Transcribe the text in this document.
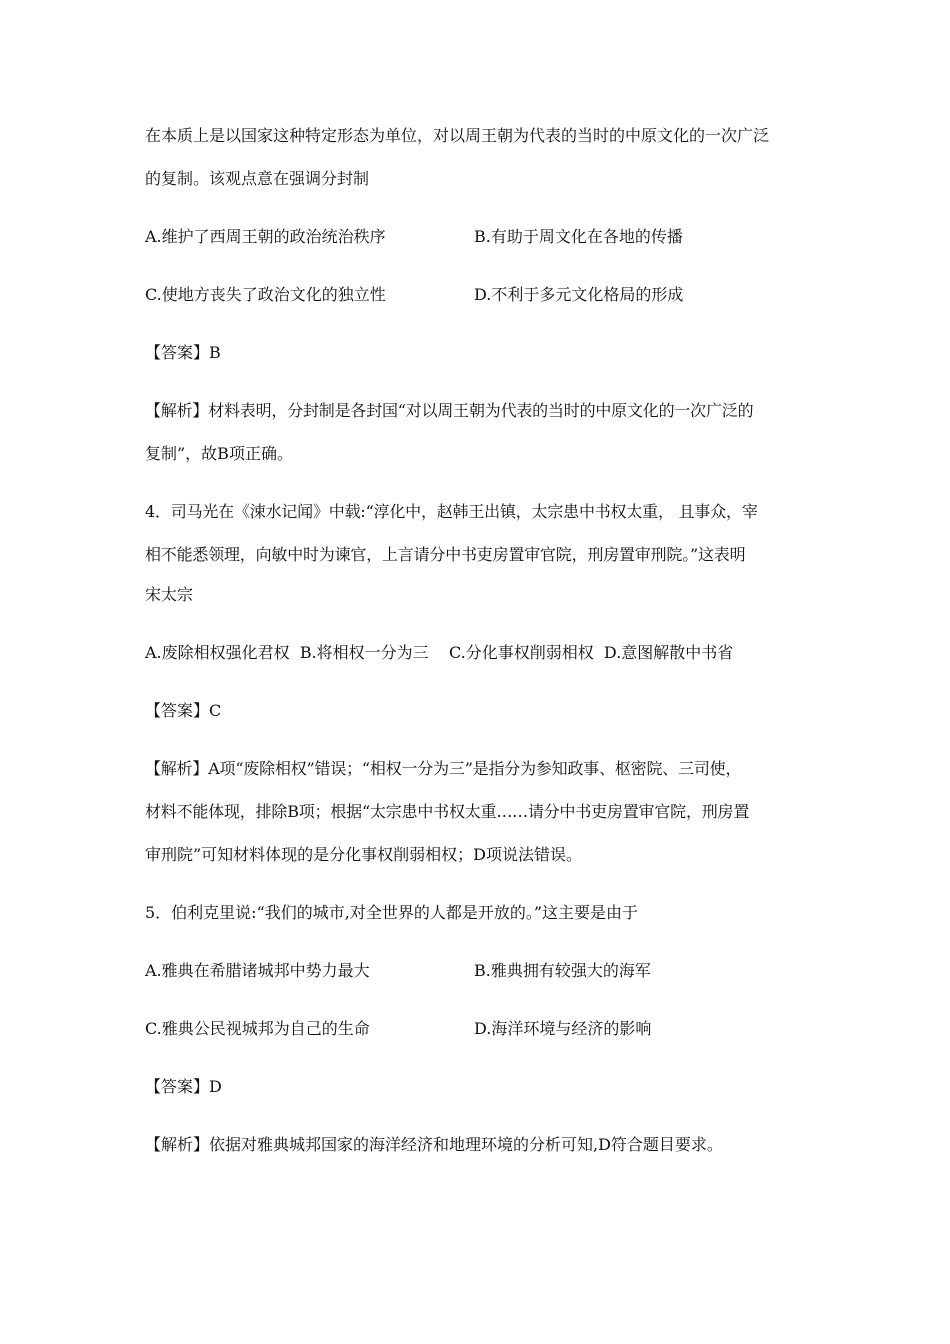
在本质上是以国家这种特定形态为单位，对以周王朝为代表的当时的中原文化的一次广泛
的复制。该观点意在强调分封制
A.维护了西周王朝的政治统治秩序	B.有助于周文化在各地的传播
C.使地方丧失了政治文化的独立性	D.不利于多元文化格局的形成
【答案】B
【解析】材料表明，分封制是各封国“对以周王朝为代表的当时的中原文化的一次广泛的
复制”，故B项正确。
4．司马光在《涑水记闻》中载:“淳化中，赵韩王出镇，太宗患中书权太重， 且事众，宰
相不能悉领理，向敏中时为谏官，上言请分中书吏房置审官院，刑房置审刑院。”这表明
宋太宗
A.废除相权强化君权  B.将相权一分为三    C.分化事权削弱相权  D.意图解散中书省
【答案】C
【解析】A项“废除相权”错误；“相权一分为三”是指分为参知政事、枢密院、三司使，
材料不能体现，排除B项；根据“太宗患中书权太重……请分中书吏房置审官院，刑房置
审刑院”可知材料体现的是分化事权削弱相权；D项说法错误。
5．伯利克里说:“我们的城市,对全世界的人都是开放的。”这主要是由于
A.雅典在希腊诸城邦中势力最大	B.雅典拥有较强大的海军
C.雅典公民视城邦为自己的生命	D.海洋环境与经济的影响
【答案】D
【解析】依据对雅典城邦国家的海洋经济和地理环境的分析可知,D符合题目要求。
